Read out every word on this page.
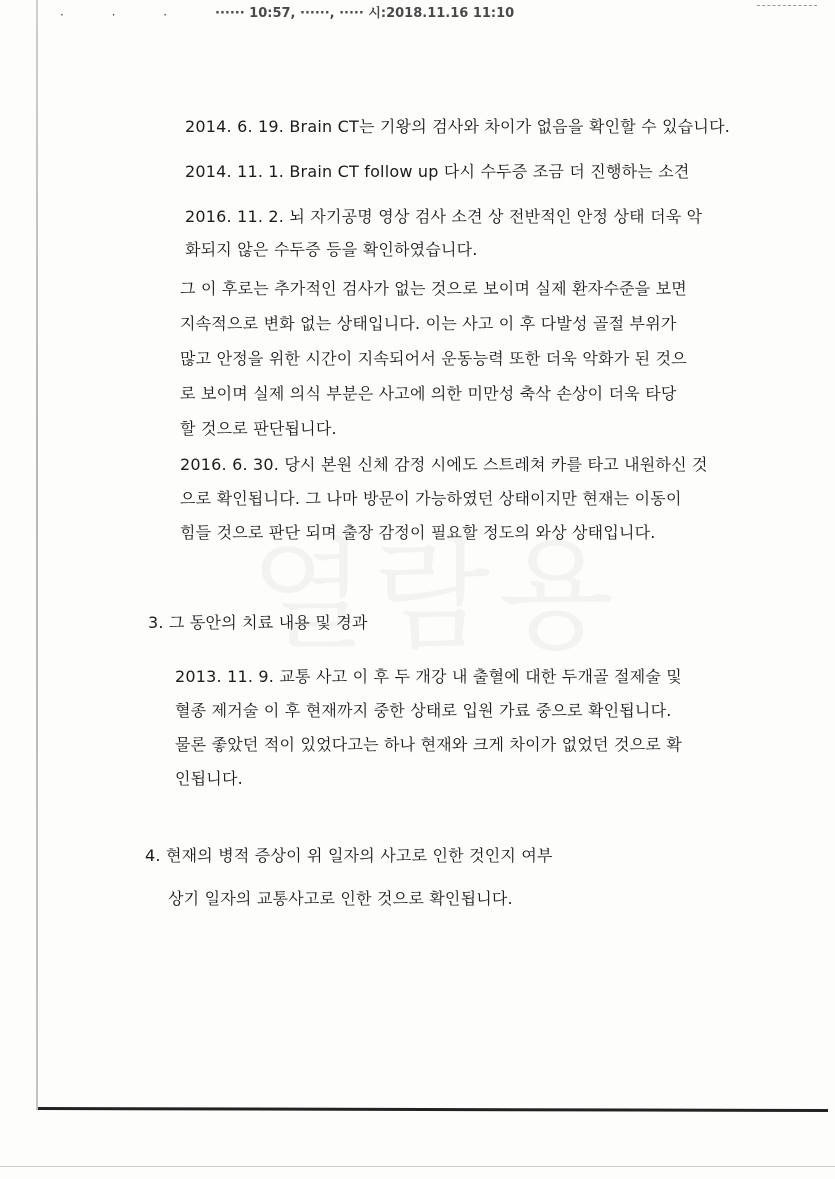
· · · ······ 10:57, ······, ····· 시:2018.11.16 11:10
2014. 6. 19. Brain CT는 기왕의 검사와 차이가 없음을 확인할 수 있습니다.
2014. 11. 1. Brain CT follow up 다시 수두증 조금 더 진행하는 소견
2016. 11. 2. 뇌 자기공명 영상 검사 소견 상 전반적인 안정 상태 더욱 악
화되지 않은 수두증 등을 확인하였습니다.
그 이 후로는 추가적인 검사가 없는 것으로 보이며 실제 환자수준을 보면
지속적으로 변화 없는 상태입니다. 이는 사고 이 후 다발성 골절 부위가
많고 안정을 위한 시간이 지속되어서 운동능력 또한 더욱 악화가 된 것으
로 보이며 실제 의식 부분은 사고에 의한 미만성 축삭 손상이 더욱 타당
할 것으로 판단됩니다.
2016. 6. 30. 당시 본원 신체 감정 시에도 스트레쳐 카를 타고 내원하신 것
으로 확인됩니다. 그 나마 방문이 가능하였던 상태이지만 현재는 이동이
힘들 것으로 판단 되며 출장 감정이 필요할 정도의 와상 상태입니다.
3. 그 동안의 치료 내용 및 경과
2013. 11. 9. 교통 사고 이 후 두 개강 내 출혈에 대한 두개골 절제술 및
혈종 제거술 이 후 현재까지 중한 상태로 입원 가료 중으로 확인됩니다.
물론 좋았던 적이 있었다고는 하나 현재와 크게 차이가 없었던 것으로 확
인됩니다.
4. 현재의 병적 증상이 위 일자의 사고로 인한 것인지 여부
상기 일자의 교통사고로 인한 것으로 확인됩니다.
